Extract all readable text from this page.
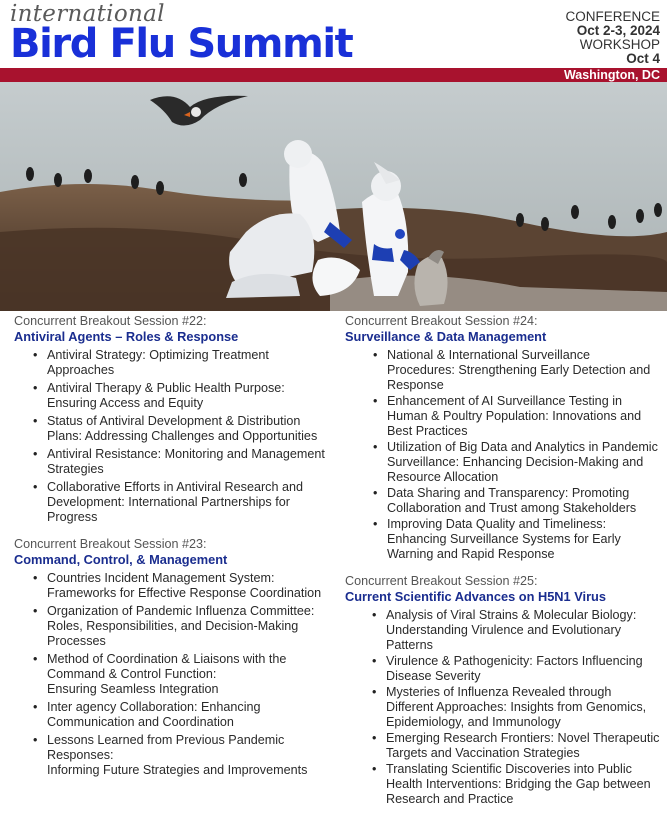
international
Bird Flu Summit
CONFERENCE
Oct 2-3, 2024
WORKSHOP
Oct 4
Washington, DC
Concurrent Breakout Session #22:
Antiviral Agents – Roles & Response
• Antiviral Strategy: Optimizing Treatment Approaches
• Antiviral Therapy & Public Health Purpose: Ensuring Access and Equity
• Status of Antiviral Development & Distribution Plans: Addressing Challenges and Opportunities
• Antiviral Resistance: Monitoring and Management Strategies
• Collaborative Efforts in Antiviral Research and Development: International Partnerships for Progress
Concurrent Breakout Session #23:
Command, Control, & Management
• Countries Incident Management System: Frameworks for Effective Response Coordination
• Organization of Pandemic Influenza Committee: Roles, Responsibilities, and Decision-Making Processes
• Method of Coordination & Liaisons with the Command & Control Function:
Ensuring Seamless Integration
• Inter agency Collaboration: Enhancing Communication and Coordination
• Lessons Learned from Previous Pandemic Responses:
Informing Future Strategies and Improvements
Concurrent Breakout Session #24:
Surveillance & Data Management
• National & International Surveillance Procedures: Strengthening Early Detection and Response
• Enhancement of AI Surveillance Testing in Human & Poultry Population: Innovations and Best Practices
• Utilization of Big Data and Analytics in Pandemic Surveillance: Enhancing Decision-Making and Resource Allocation
• Data Sharing and Transparency: Promoting Collaboration and Trust among Stakeholders
• Improving Data Quality and Timeliness: Enhancing Surveillance Systems for Early Warning and Rapid Response
Concurrent Breakout Session #25:
Current Scientific Advances on H5N1 Virus
• Analysis of Viral Strains & Molecular Biology: Understanding Virulence and Evolutionary Patterns
• Virulence & Pathogenicity: Factors Influencing Disease Severity
• Mysteries of Influenza Revealed through Different Approaches: Insights from Genomics, Epidemiology, and Immunology
• Emerging Research Frontiers: Novel Therapeutic Targets and Vaccination Strategies
• Translating Scientific Discoveries into Public Health Interventions: Bridging the Gap between Research and Practice
